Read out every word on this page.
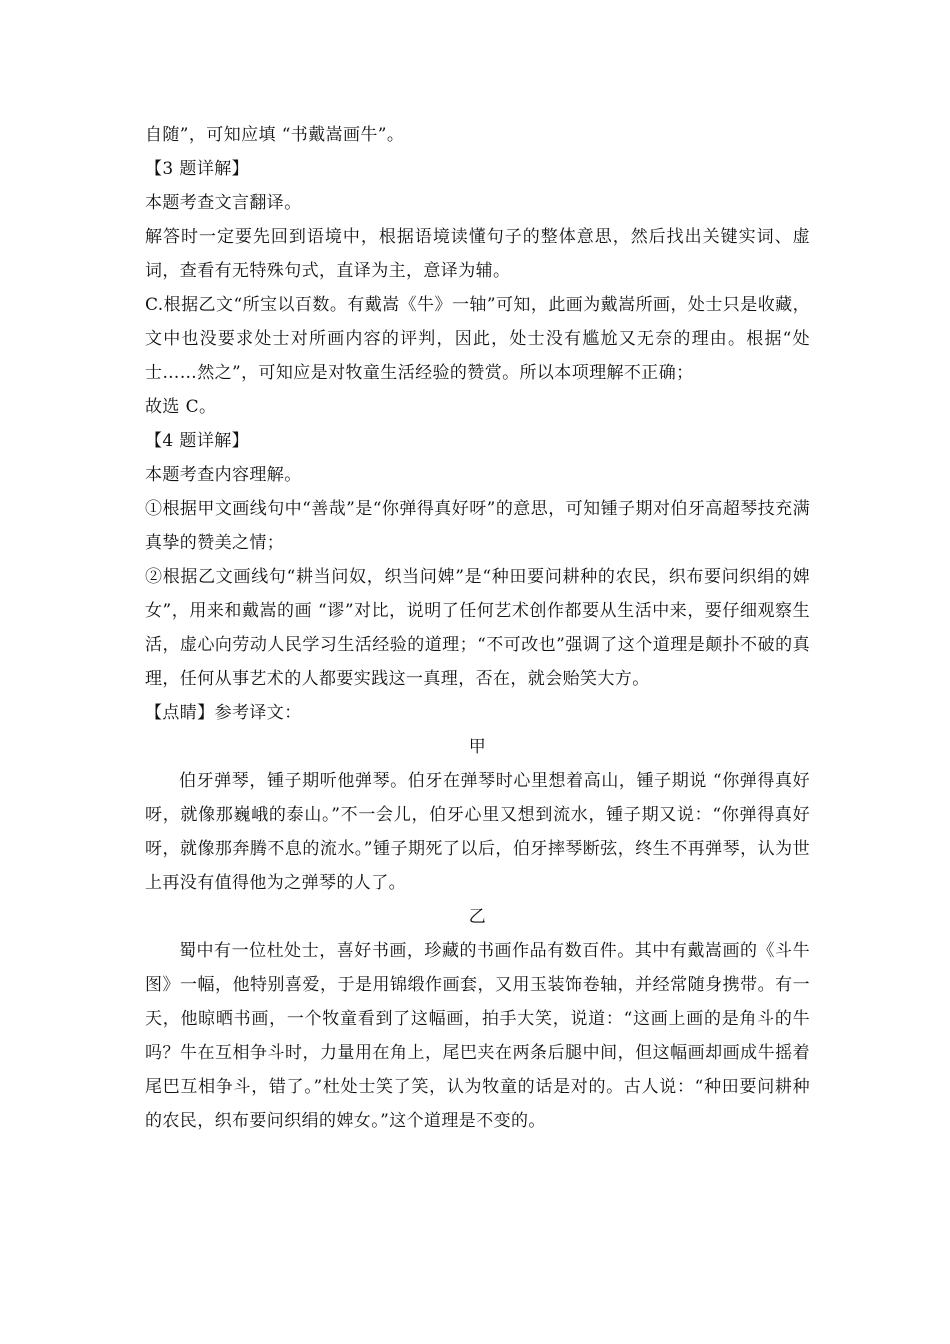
自随”，可知应填 “书戴嵩画牛”。

【3 题详解】

本题考查文言翻译。

解答时一定要先回到语境中，根据语境读懂句子的整体意思，然后找出关键实词、虚词，查看有无特殊句式，直译为主，意译为辅。

C.根据乙文“所宝以百数。有戴嵩《牛》一轴”可知，此画为戴嵩所画，处士只是收藏，文中也没要求处士对所画内容的评判，因此，处士没有尴尬又无奈的理由。根据“处士……然之”，可知应是对牧童生活经验的赞赏。所以本项理解不正确；

故选 C。

【4 题详解】

本题考查内容理解。

①根据甲文画线句中“善哉”是“你弹得真好呀”的意思，可知锺子期对伯牙高超琴技充满真挚的赞美之情；

②根据乙文画线句“耕当问奴，织当问婢”是“种田要问耕种的农民，织布要问织绢的婢女”，用来和戴嵩的画 “谬”对比，说明了任何艺术创作都要从生活中来，要仔细观察生活，虚心向劳动人民学习生活经验的道理；“不可改也”强调了这个道理是颠扑不破的真理，任何从事艺术的人都要实践这一真理，否在，就会贻笑大方。

【点睛】参考译文：

甲

伯牙弹琴，锺子期听他弹琴。伯牙在弹琴时心里想着高山，锺子期说 “你弹得真好呀，就像那巍峨的泰山。”不一会儿，伯牙心里又想到流水，锺子期又说：“你弹得真好呀，就像那奔腾不息的流水。”锺子期死了以后，伯牙摔琴断弦，终生不再弹琴，认为世上再没有值得他为之弹琴的人了。

乙

蜀中有一位杜处士，喜好书画，珍藏的书画作品有数百件。其中有戴嵩画的《斗牛图》一幅，他特别喜爱，于是用锦缎作画套，又用玉装饰卷轴，并经常随身携带。有一天，他晾晒书画，一个牧童看到了这幅画，拍手大笑，说道：“这画上画的是角斗的牛吗？牛在互相争斗时，力量用在角上，尾巴夹在两条后腿中间，但这幅画却画成牛摇着尾巴互相争斗，错了。”杜处士笑了笑，认为牧童的话是对的。古人说：“种田要问耕种的农民，织布要问织绢的婢女。”这个道理是不变的。
